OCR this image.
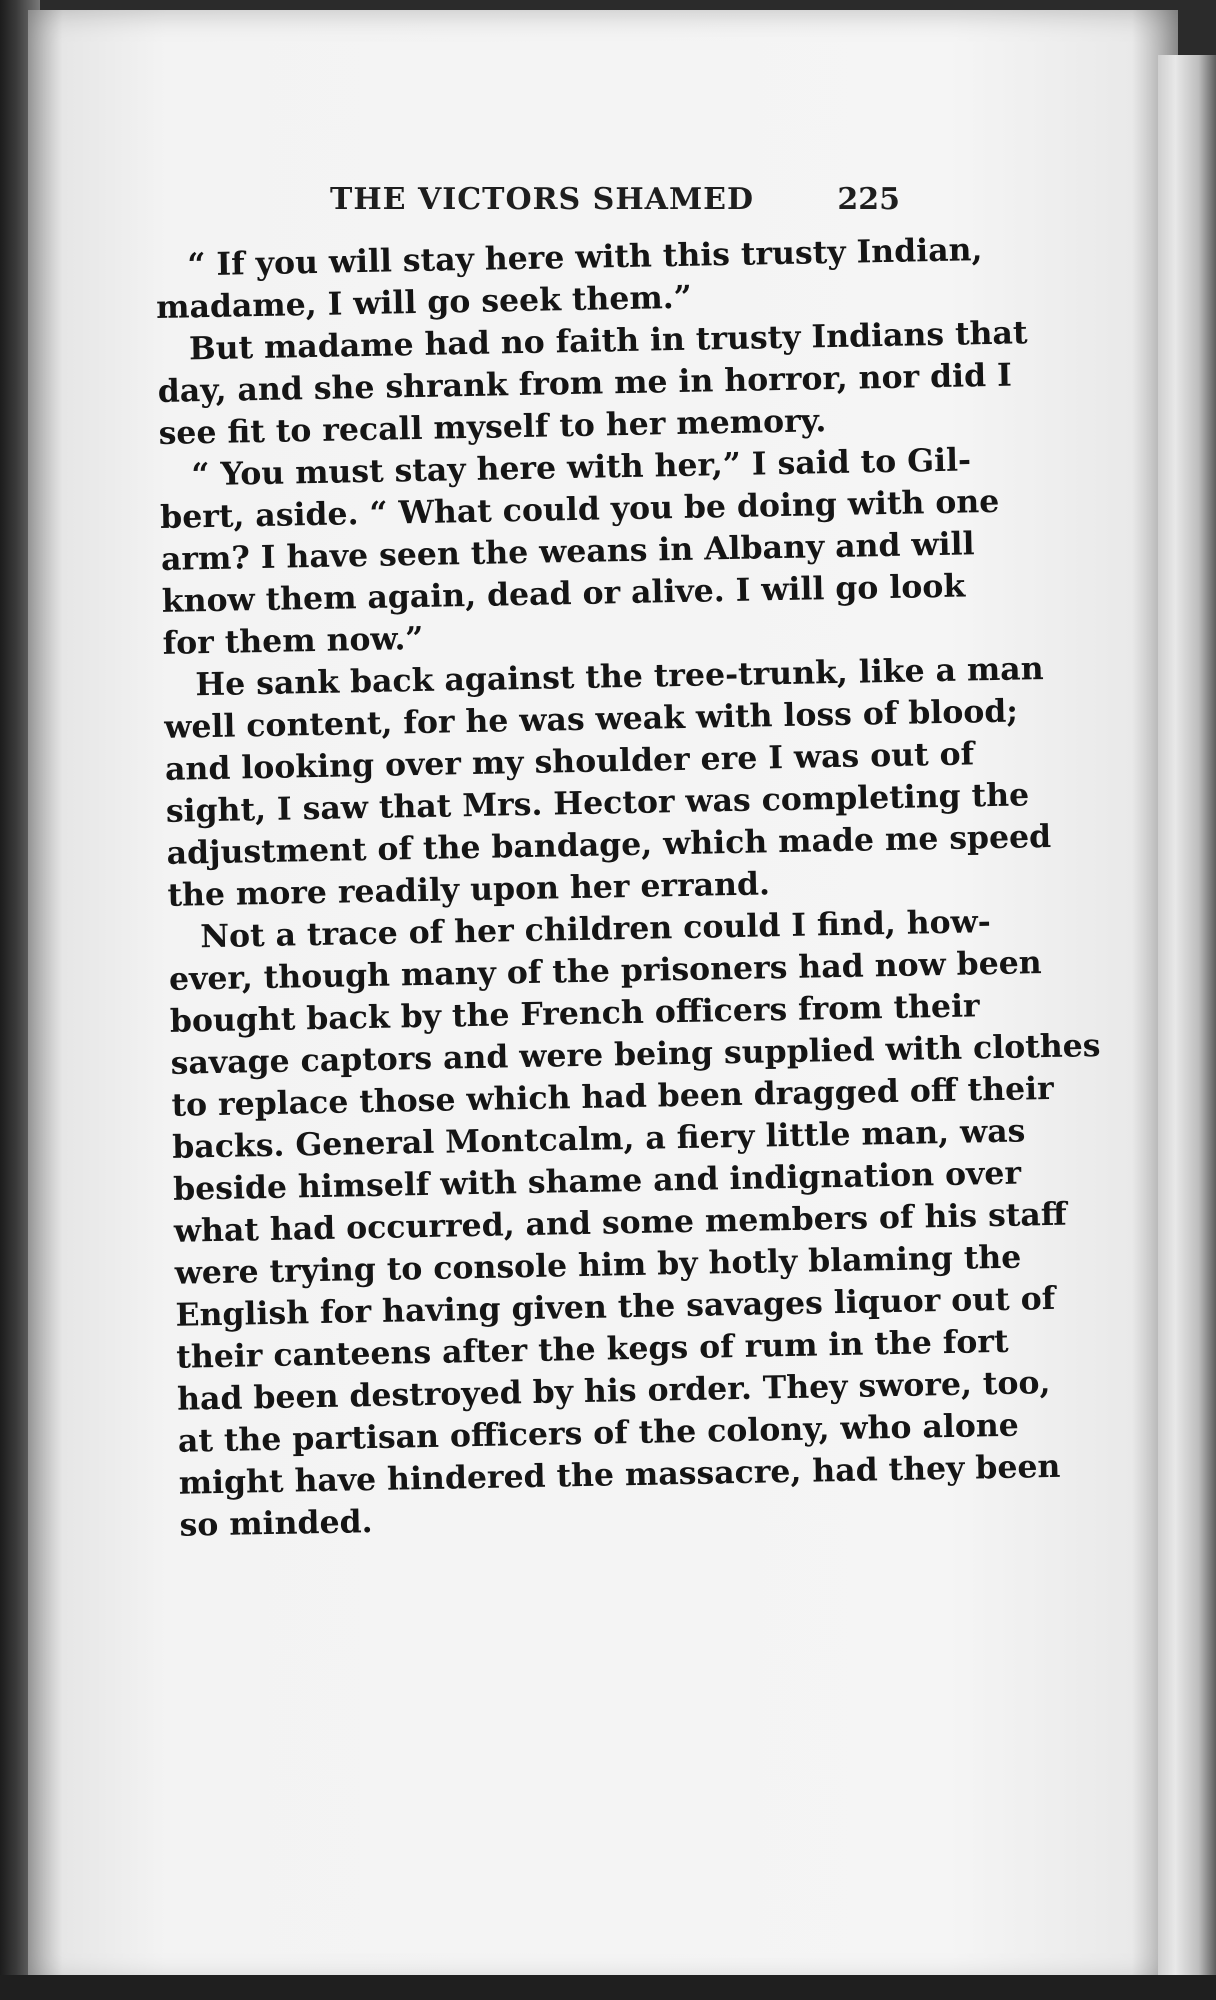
THE VICTORS SHAMED	225

“ If you will stay here with this trusty Indian,
madame, I will go seek them.”

But madame had no faith in trusty Indians that
day, and she shrank from me in horror, nor did I
see fit to recall myself to her memory.

“ You must stay here with her,” I said to Gil-
bert, aside. “ What could you be doing with one
arm? I have seen the weans in Albany and will
know them again, dead or alive. I will go look
for them now.”

He sank back against the tree-trunk, like a man
well content, for he was weak with loss of blood;
and looking over my shoulder ere I was out of
sight, I saw that Mrs. Hector was completing the
adjustment of the bandage, which made me speed
the more readily upon her errand.

Not a trace of her children could I find, how-
ever, though many of the prisoners had now been
bought back by the French officers from their
savage captors and were being supplied with clothes
to replace those which had been dragged off their
backs. General Montcalm, a fiery little man, was
beside himself with shame and indignation over
what had occurred, and some members of his staff
were trying to console him by hotly blaming the
English for having given the savages liquor out of
their canteens after the kegs of rum in the fort
had been destroyed by his order. They swore, too,
at the partisan officers of the colony, who alone
might have hindered the massacre, had they been
so minded.
